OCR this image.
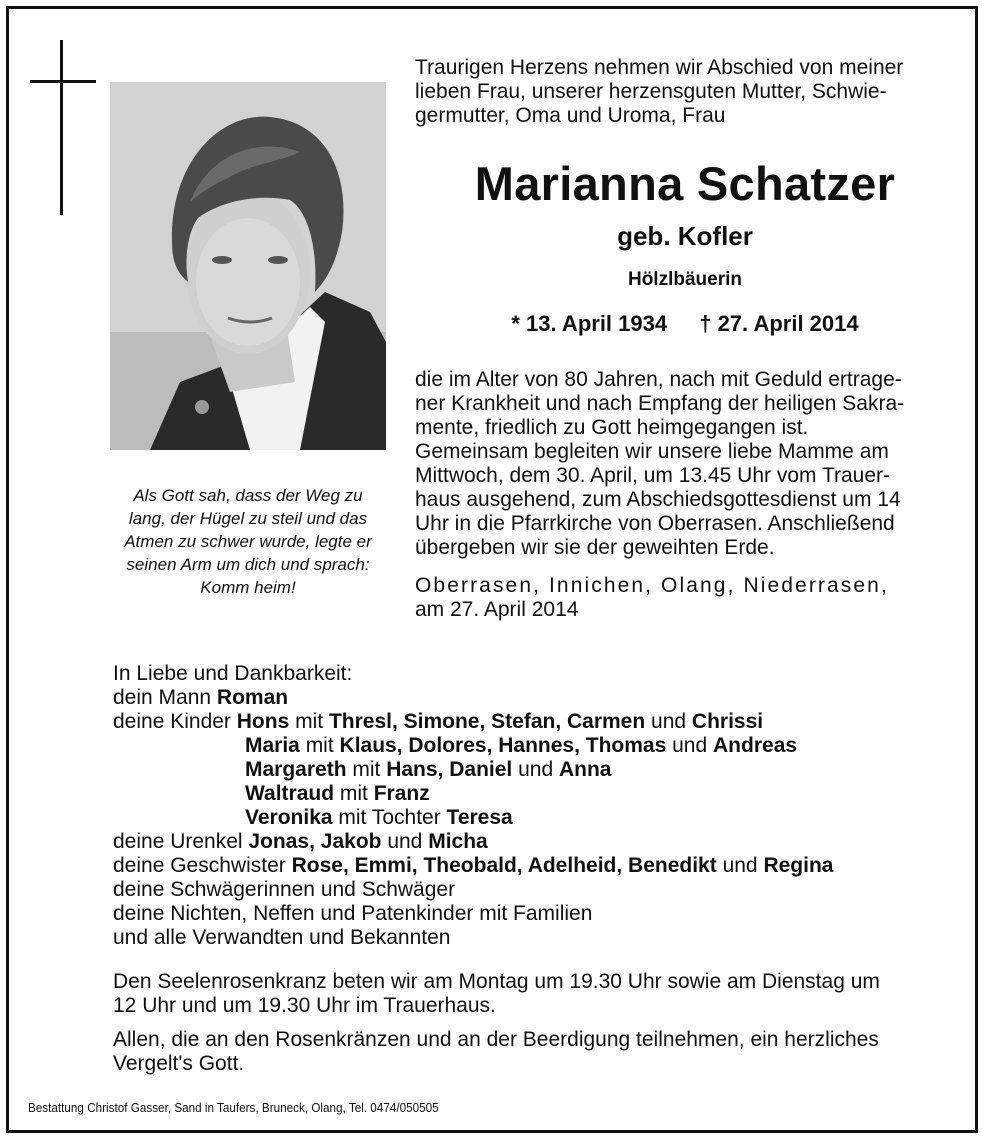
Als Gott sah, dass der Weg zu
lang, der Hügel zu steil und das
Atmen zu schwer wurde, legte er
seinen Arm um dich und sprach:
Komm heim!
Traurigen Herzens nehmen wir Abschied von meiner
lieben Frau, unserer herzensguten Mutter, Schwie-
germutter, Oma und Uroma, Frau
Marianna Schatzer
geb. Kofler
Hölzlbäuerin
* 13. April 1934 † 27. April 2014
die im Alter von 80 Jahren, nach mit Geduld ertrage-
ner Krankheit und nach Empfang der heiligen Sakra-
mente, friedlich zu Gott heimgegangen ist.
Gemeinsam begleiten wir unsere liebe Mamme am
Mittwoch, dem 30. April, um 13.45 Uhr vom Trauer-
haus ausgehend, zum Abschiedsgottesdienst um 14
Uhr in die Pfarrkirche von Oberrasen. Anschließend
übergeben wir sie der geweihten Erde.
Oberrasen, Innichen, Olang, Niederrasen,
am 27. April 2014
In Liebe und Dankbarkeit:
dein Mann Roman
deine Kinder Hons mit Thresl, Simone, Stefan, Carmen und Chrissi
Maria mit Klaus, Dolores, Hannes, Thomas und Andreas
Margareth mit Hans, Daniel und Anna
Waltraud mit Franz
Veronika mit Tochter Teresa
deine Urenkel Jonas, Jakob und Micha
deine Geschwister Rose, Emmi, Theobald, Adelheid, Benedikt und Regina
deine Schwägerinnen und Schwäger
deine Nichten, Neffen und Patenkinder mit Familien
und alle Verwandten und Bekannten
Den Seelenrosenkranz beten wir am Montag um 19.30 Uhr sowie am Dienstag um
12 Uhr und um 19.30 Uhr im Trauerhaus.
Allen, die an den Rosenkränzen und an der Beerdigung teilnehmen, ein herzliches
Vergelt's Gott.
Bestattung Christof Gasser, Sand in Taufers, Bruneck, Olang, Tel. 0474/050505
